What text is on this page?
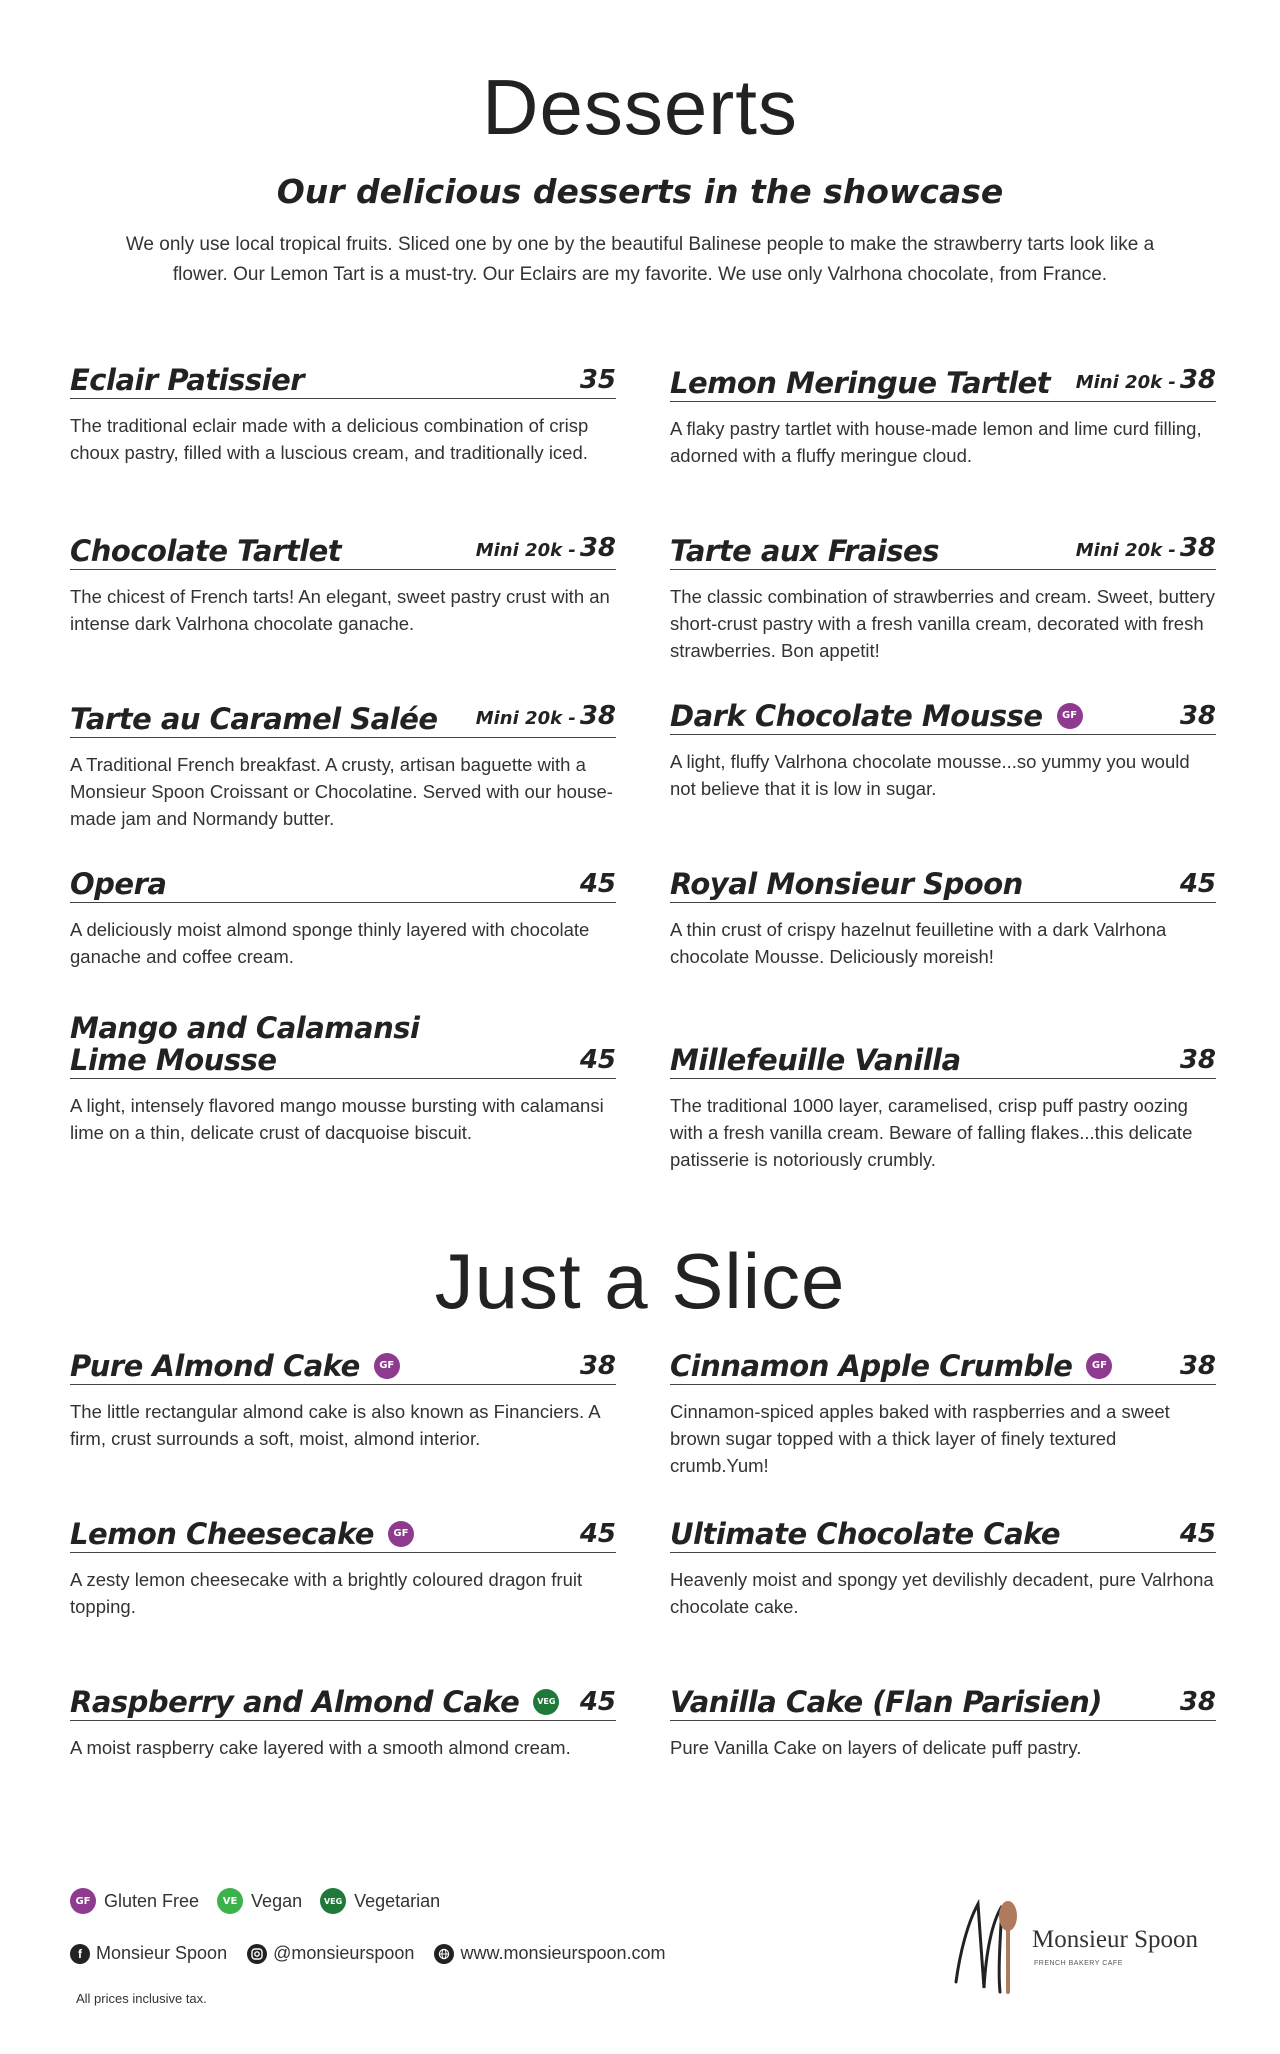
Desserts
Our delicious desserts in the showcase
We only use local tropical fruits. Sliced one by one by the beautiful Balinese people to make the strawberry tarts look like a flower. Our Lemon Tart is a must-try. Our Eclairs are my favorite. We use only Valrhona chocolate, from France.
Eclair Patissier	35
The traditional eclair made with a delicious combination of crisp choux pastry, filled with a luscious cream, and traditionally iced.
Lemon Meringue Tartlet Mini 20k - 38
A flaky pastry tartlet with house-made lemon and lime curd filling, adorned with a fluffy meringue cloud.
Chocolate Tartlet	Mini 20k - 38
The chicest of French tarts! An elegant, sweet pastry crust with an intense dark Valrhona chocolate ganache.
Tarte aux Fraises	Mini 20k - 38
The classic combination of strawberries and cream. Sweet, buttery short-crust pastry with a fresh vanilla cream, decorated with fresh strawberries. Bon appetit!
Tarte au Caramel Salée Mini 20k - 38
A Traditional French breakfast. A crusty, artisan baguette with a Monsieur Spoon Croissant or Chocolatine. Served with our house-made jam and Normandy butter.
Dark Chocolate Mousse	GF	38
A light, fluffy Valrhona chocolate mousse...so yummy you would not believe that it is low in sugar.
Opera	45
A deliciously moist almond sponge thinly layered with chocolate ganache and coffee cream.
Royal Monsieur Spoon	45
A thin crust of crispy hazelnut feuilletine with a dark Valrhona chocolate Mousse. Deliciously moreish!
Mango and Calamansi Lime Mousse	45
A light, intensely flavored mango mousse bursting with calamansi lime on a thin, delicate crust of dacquoise biscuit.
Millefeuille Vanilla	38
The traditional 1000 layer, caramelised, crisp puff pastry oozing with a fresh vanilla cream. Beware of falling flakes...this delicate patisserie is notoriously crumbly.
Just a Slice
Pure Almond Cake	GF	38
The little rectangular almond cake is also known as Financiers. A firm, crust surrounds a soft, moist, almond interior.
Cinnamon Apple Crumble	GF	38
Cinnamon-spiced apples baked with raspberries and a sweet brown sugar topped with a thick layer of finely textured crumb.Yum!
Lemon Cheesecake	GF	45
A zesty lemon cheesecake with a brightly coloured dragon fruit topping.
Ultimate Chocolate Cake	45
Heavenly moist and spongy yet devilishly decadent, pure Valrhona chocolate cake.
Raspberry and Almond Cake	VEG 45
A moist raspberry cake layered with a smooth almond cream.
Vanilla Cake (Flan Parisien)	38
Pure Vanilla Cake on layers of delicate puff pastry.
GF Gluten Free	VE Vegan	VEG Vegetarian
f Monsieur Spoon	@monsieurspoon	www.monsieurspoon.com
All prices inclusive tax.
Monsieur Spoon
FRENCH BAKERY CAFE
